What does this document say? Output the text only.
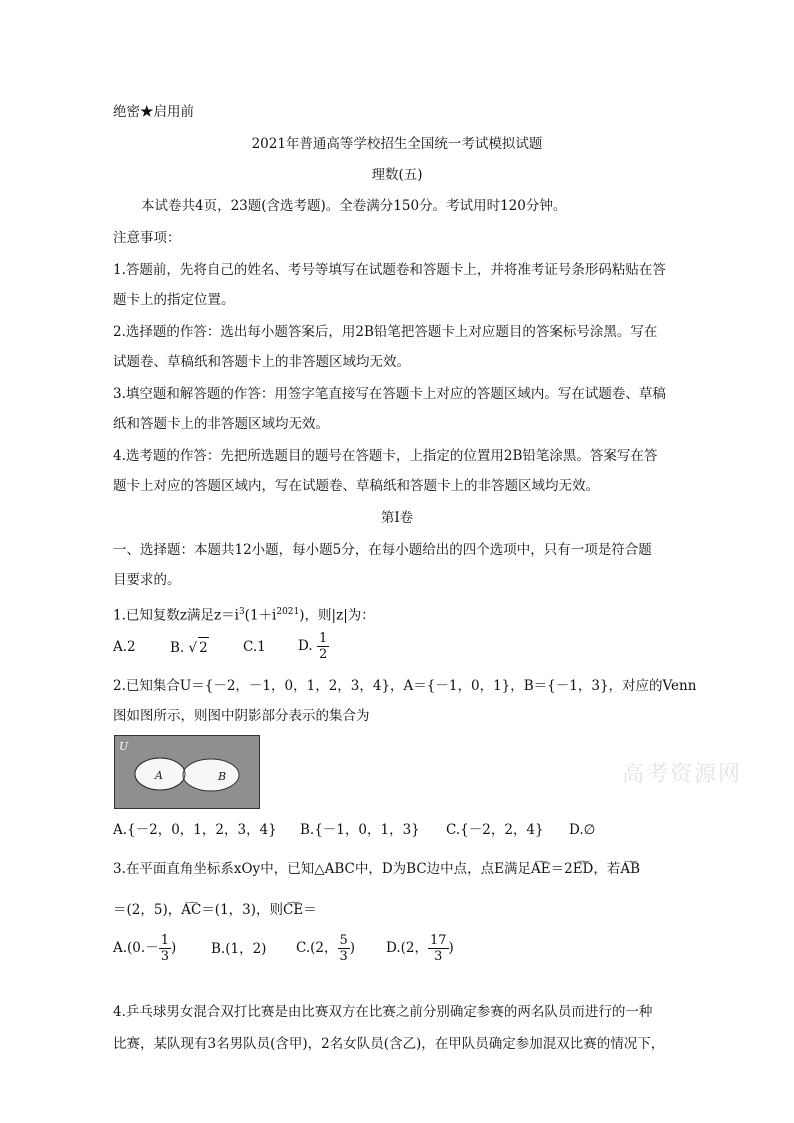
绝密★启用前
2021年普通高等学校招生全国统一考试模拟试题
理数(五)
本试卷共4页，23题(含选考题)。全卷满分150分。考试用时120分钟。
注意事项：
1.答题前，先将自己的姓名、考号等填写在试题卷和答题卡上，并将准考证号条形码粘贴在答
题卡上的指定位置。
2.选择题的作答：选出每小题答案后，用2B铅笔把答题卡上对应题目的答案标号涂黑。写在
试题卷、草稿纸和答题卡上的非答题区域均无效。
3.填空题和解答题的作答：用签字笔直接写在答题卡上对应的答题区域内。写在试题卷、草稿
纸和答题卡上的非答题区域均无效。
4.选考题的作答：先把所选题目的题号在答题卡，上指定的位置用2B铅笔涂黑。答案写在答
题卡上对应的答题区域内，写在试题卷、草稿纸和答题卡上的非答题区域均无效。
第I卷
一、选择题：本题共12小题，每小题5分，在每小题给出的四个选项中，只有一项是符合题
目要求的。
1.已知复数z满足$z=i^3(1+i^{2021})$，则|z|为：
A.2	B. √ 2	C.1 D. $\frac{1}{2}$
2.已知集合U＝{－2，－1，0，1，2，3，4}，A＝{－1，0，1}，B＝{－1，3}，对应的Venn
图如图所示，则图中阴影部分表示的集合为
U
A	B	高考资源网
A.{－2，0，1，2，3，4} B.{－1，0，1，3} C.{－2，2，4} D.∅
3.在平面直角坐标系xOy中，已知△ABC中，D为BC边中点，点E满足‿‿ AE＝2‿‿ ED，若‿‿ AB
＝(2，5)，‿‿ AC＝(1，3)，则‿‿ CE＝
$A.(0.- \frac{1}{3}$ )	B.(1，2) C.(2， $\frac{5}{3}$ ) D.(2， $\frac{17}{3}$ )
4.乒乓球男女混合双打比赛是由比赛双方在比赛之前分别确定参赛的两名队员而进行的一种
比赛，某队现有3名男队员(含甲)，2名女队员(含乙)，在甲队员确定参加混双比赛的情况下，
